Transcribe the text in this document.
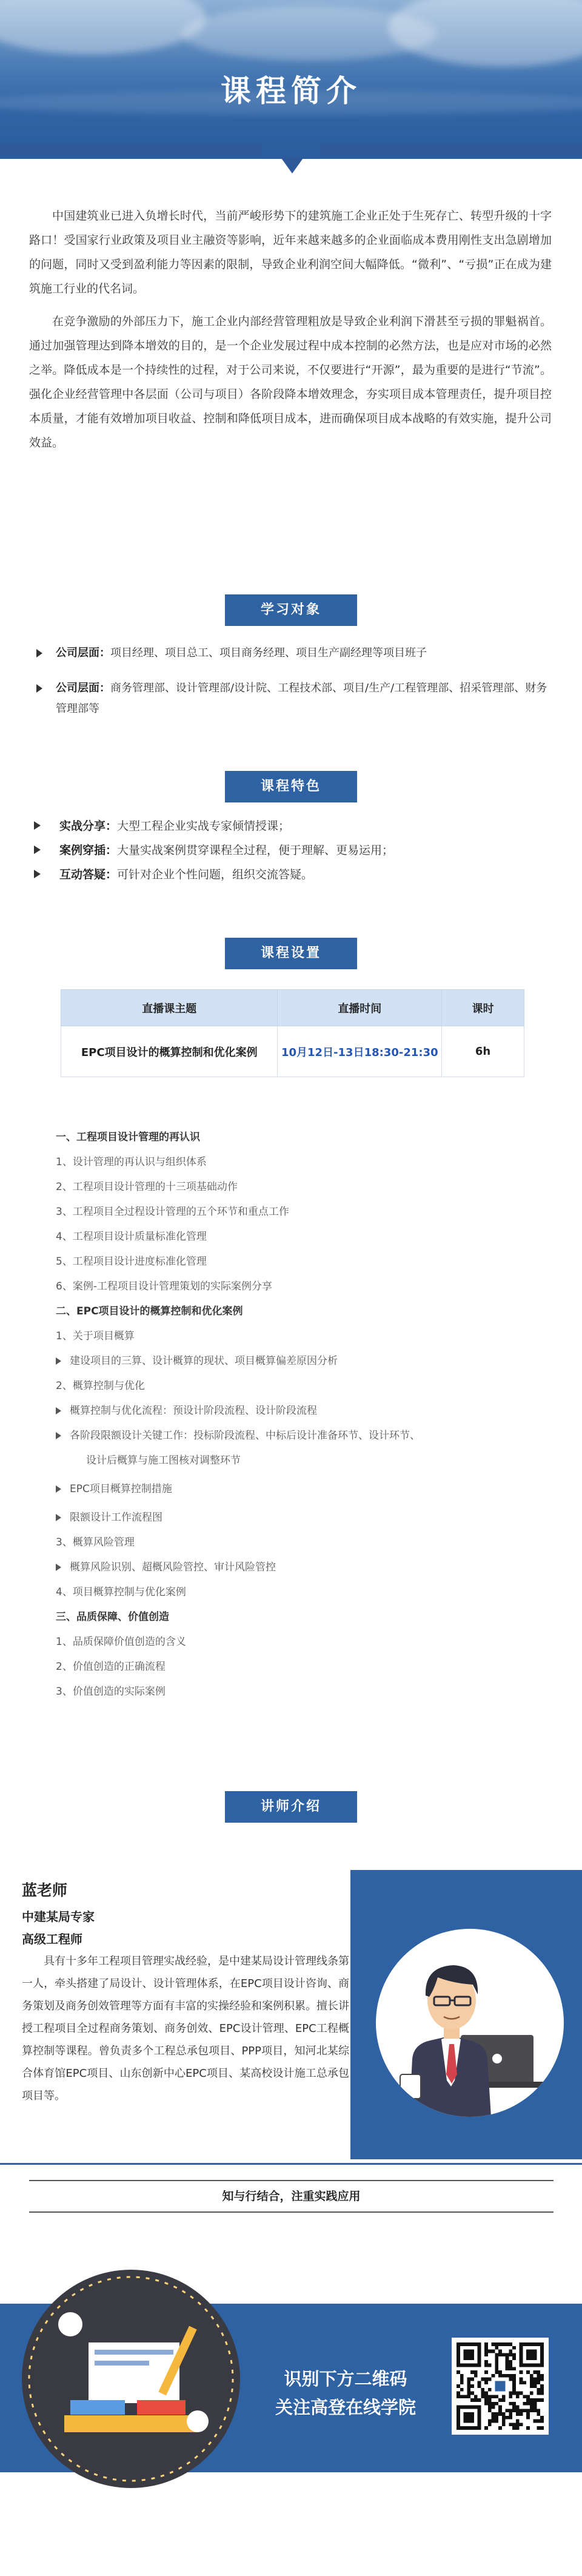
课程简介

中国建筑业已进入负增长时代，当前严峻形势下的建筑施工企业正处于生死存亡、转型升级的十字路口！受国家行业政策及项目业主融资等影响，近年来越来越多的企业面临成本费用刚性支出急剧增加的问题，同时又受到盈利能力等因素的限制，导致企业利润空间大幅降低。“微利”、“亏损”正在成为建筑施工行业的代名词。

在竞争激励的外部压力下，施工企业内部经营管理粗放是导致企业利润下滑甚至亏损的罪魁祸首。通过加强管理达到降本增效的目的，是一个企业发展过程中成本控制的必然方法，也是应对市场的必然之举。降低成本是一个持续性的过程，对于公司来说，不仅要进行“开源”，最为重要的是进行“节流”。强化企业经营管理中各层面（公司与项目）各阶段降本增效理念，夯实项目成本管理责任，提升项目控本质量，才能有效增加项目收益、控制和降低项目成本，进而确保项目成本战略的有效实施，提升公司效益。

学习对象
公司层面：项目经理、项目总工、项目商务经理、项目生产副经理等项目班子
公司层面：商务管理部、设计管理部/设计院、工程技术部、项目/生产/工程管理部、招采管理部、财务管理部等
课程特色
实战分享：大型工程企业实战专家倾情授课；
案例穿插：大量实战案例贯穿课程全过程，便于理解、更易运用；
互动答疑：可针对企业个性问题，组织交流答疑。
课程设置
直播课主题	直播时间	课时
EPC项目设计的概算控制和优化案例	10月12日-13日18:30-21:30	6h
一、工程项目设计管理的再认识
1、设计管理的再认识与组织体系
2、工程项目设计管理的十三项基础动作
3、工程项目全过程设计管理的五个环节和重点工作
4、工程项目设计质量标准化管理
5、工程项目设计进度标准化管理
6、案例-工程项目设计管理策划的实际案例分享
二、EPC项目设计的概算控制和优化案例
1、关于项目概算
建设项目的三算、设计概算的现状、项目概算偏差原因分析
2、概算控制与优化
概算控制与优化流程：预设计阶段流程、设计阶段流程
各阶段限额设计关键工作：投标阶段流程、中标后设计准备环节、设计环节、
设计后概算与施工图核对调整环节
EPC项目概算控制措施
限额设计工作流程图
3、概算风险管理
概算风险识别、超概风险管控、审计风险管控
4、项目概算控制与优化案例
三、品质保障、价值创造
1、品质保障价值创造的含义
2、价值创造的正确流程
3、价值创造的实际案例
讲师介绍
蓝老师
中建某局专家
高级工程师
具有十多年工程项目管理实战经验，是中建某局设计管理线条第一人，牵头搭建了局设计、设计管理体系，在EPC项目设计咨询、商务策划及商务创效管理等方面有丰富的实操经验和案例积累。擅长讲授工程项目全过程商务策划、商务创效、EPC设计管理、EPC工程概算控制等课程。曾负责多个工程总承包项目、PPP项目，知河北某综合体育馆EPC项目、山东创新中心EPC项目、某高校设计施工总承包项目等。
知与行结合，注重实践应用
识别下方二维码
关注高登在线学院
